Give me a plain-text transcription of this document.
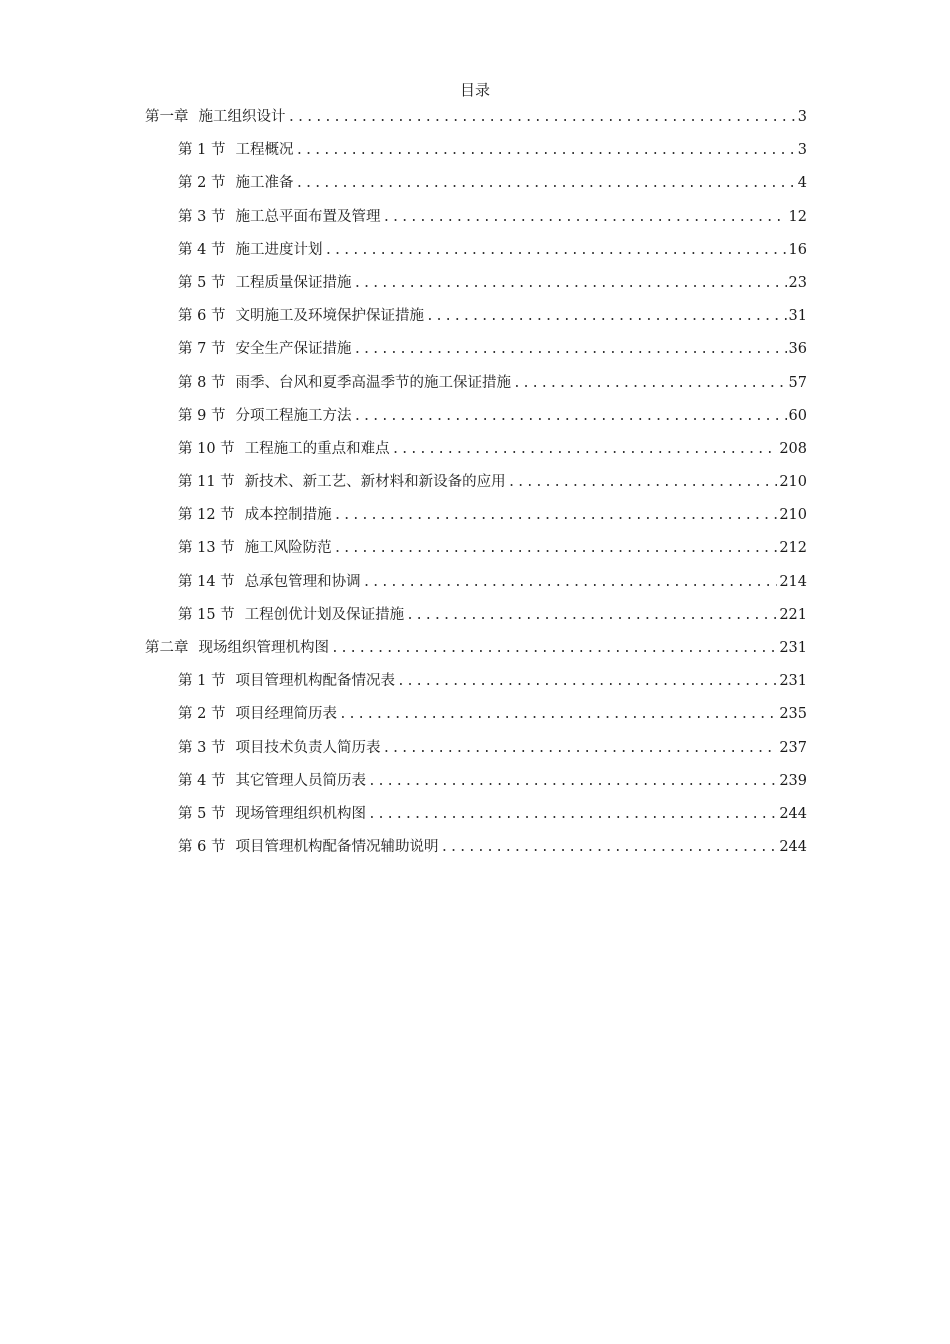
目录
第一章 施工组织设计 .....	3
第 1 节 工程概况 .....	3
第 2 节 施工准备 .....	4
第 3 节 施工总平面布置及管理 .....	12
第 4 节 施工进度计划 .....	16
第 5 节 工程质量保证措施 .....	23
第 6 节 文明施工及环境保护保证措施 .....	31
第 7 节 安全生产保证措施 .....	36
第 8 节 雨季、台风和夏季高温季节的施工保证措施 .....	57
第 9 节 分项工程施工方法 .....	60
第 10 节 工程施工的重点和难点 .....	208
第 11 节 新技术、新工艺、新材料和新设备的应用 .....	210
第 12 节 成本控制措施 .....	210
第 13 节 施工风险防范 .....	212
第 14 节 总承包管理和协调 .....	214
第 15 节 工程创优计划及保证措施 .....	221
第二章 现场组织管理机构图 .....	231
第 1 节 项目管理机构配备情况表 .....	231
第 2 节 项目经理简历表 .....	235
第 3 节 项目技术负责人简历表 .....	237
第 4 节 其它管理人员简历表 .....	239
第 5 节 现场管理组织机构图 .....	244
第 6 节 项目管理机构配备情况辅助说明 .....	244
